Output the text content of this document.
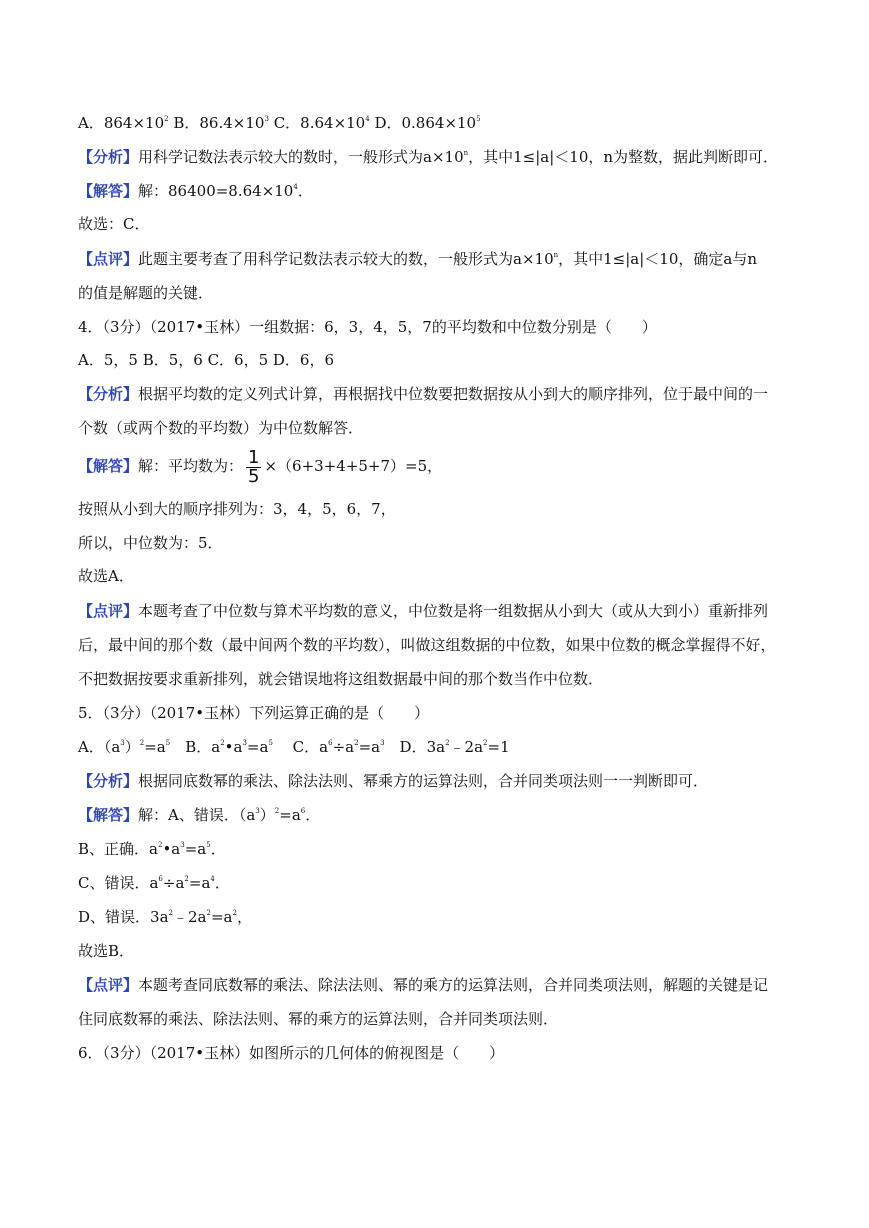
A．$864\times 10^2$ B．$86.4\times 10^3$ C．$8.64\times 10^4$ D．$0.864\times 10^5$
【分析】用科学记数法表示较大的数时，一般形式为$a\times 10^n$，其中1≤|a|＜10，n为整数，据此判断即可．
【解答】解：$86400=8.64\times 10^4$．
故选：C．
【点评】此题主要考查了用科学记数法表示较大的数，一般形式为$a\times 10^n$，其中1≤|a|＜10，确定a与n
的值是解题的关键．
4．（3分）（2017•玉林）一组数据：6，3，4，5，7的平均数和中位数分别是（　　）
A．5，5 B．5，6 C．6，5 D．6，6
【分析】根据平均数的定义列式计算，再根据找中位数要把数据按从小到大的顺序排列，位于最中间的一
个数（或两个数的平均数）为中位数解答．
【解答】解：平均数为： $\frac{1}{5} \times(6+3+4+5+7)=5$，
按照从小到大的顺序排列为：3，4，5，6，7，
所以，中位数为：5．
故选A．
【点评】本题考查了中位数与算术平均数的意义，中位数是将一组数据从小到大（或从大到小）重新排列
后，最中间的那个数（最中间两个数的平均数），叫做这组数据的中位数，如果中位数的概念掌握得不好，
不把数据按要求重新排列，就会错误地将这组数据最中间的那个数当作中位数．
5．（3分）（2017•玉林）下列运算正确的是（　　）
A．$(a^3)^2=a^5$　B．$a^2•a^3=a^5$　 C．$a^6\div a^2=a^3$　D．$3a^2﹣2a^2=1$
【分析】根据同底数幂的乘法、除法法则、幂乘方的运算法则，合并同类项法则一一判断即可．
【解答】解：A、错误．$(a^3)^2=a^6$．
B、正确．$a^2•a^3=a^5$．
C、错误．$a^6\div a^2=a^4$．
D、错误．$3a^2﹣2a^2=a^2$，
故选B．
【点评】本题考查同底数幂的乘法、除法法则、幂的乘方的运算法则，合并同类项法则，解题的关键是记
住同底数幂的乘法、除法法则、幂的乘方的运算法则，合并同类项法则．
6．（3分）（2017•玉林）如图所示的几何体的俯视图是（　　）
